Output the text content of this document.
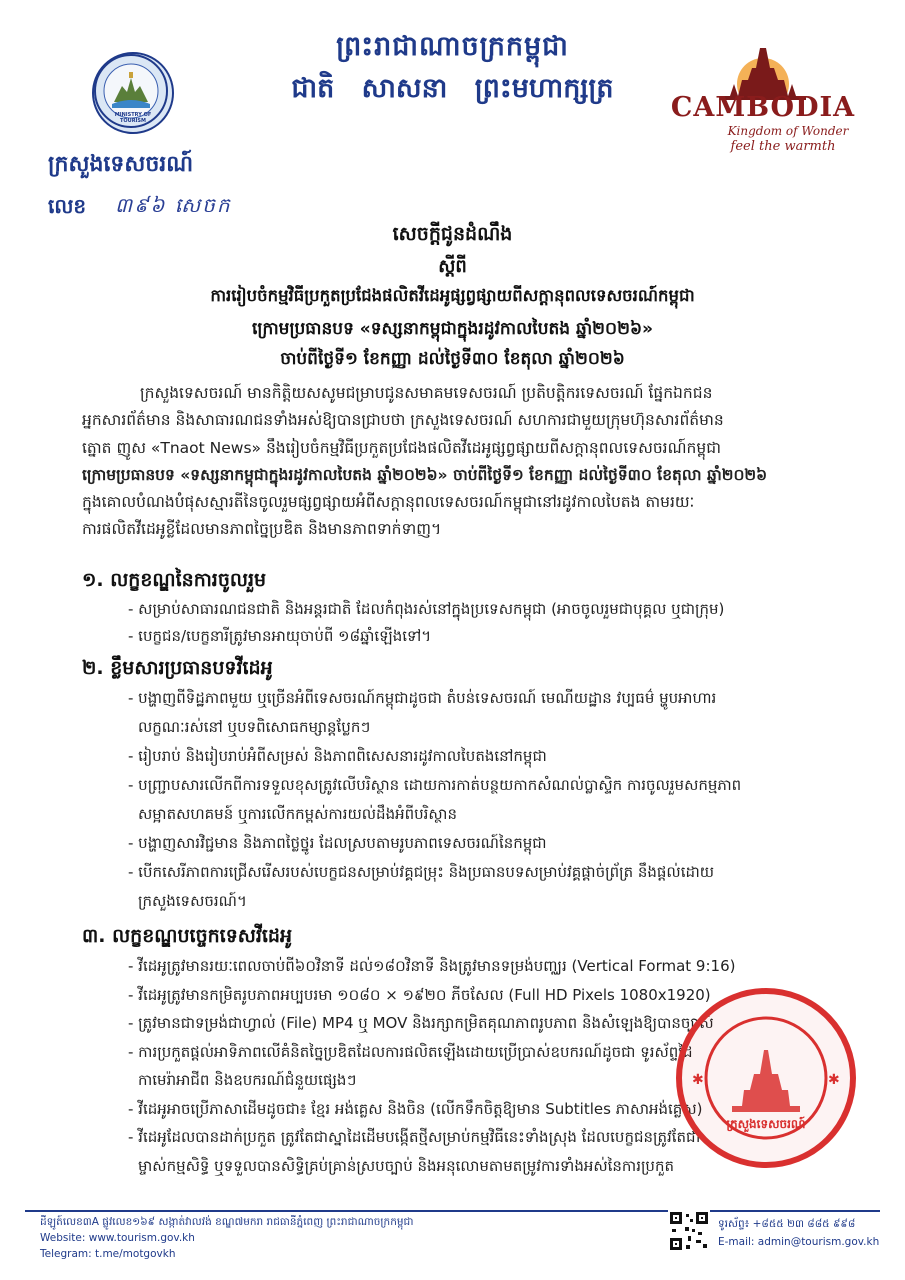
MINISTRY OF TOURISM
ព្រះរាជាណាចក្រកម្ពុជា
ជាតិ សាសនា ព្រះមហាក្សត្រ
CAMBODIA
Kingdom of Wonder
feel the warmth
ក្រសួងទេសចរណ៍
លេខ ៣៩៦ សេចក
សេចក្តីជូនដំណឹង
ស្តីពី
ការរៀបចំកម្មវិធីប្រកួតប្រជែងផលិតវីដេអូផ្សព្វផ្សាយពីសក្តានុពលទេសចរណ៍កម្ពុជា
ក្រោមប្រធានបទ «ទស្សនាកម្ពុជាក្នុងរដូវកាលបៃតង ឆ្នាំ២០២៦»
ចាប់ពីថ្ងៃទី១ ខែកញ្ញា ដល់ថ្ងៃទី៣០ ខែតុលា ឆ្នាំ២០២៦
ក្រសួងទេសចរណ៍ មានកិត្តិយសសូមជម្រាបជូនសមាគមទេសចរណ៍ ប្រតិបត្តិករទេសចរណ៍ ផ្នែកឯកជន
អ្នកសារព័ត៌មាន និងសាធារណជនទាំងអស់ឱ្យបានជ្រាបថា ក្រសួងទេសចរណ៍ សហការជាមួយក្រុមហ៊ុនសារព័ត៌មាន
ត្នោត ញូស «Tnaot News» នឹងរៀបចំកម្មវិធីប្រកួតប្រជែងផលិតវីដេអូផ្សព្វផ្សាយពីសក្តានុពលទេសចរណ៍កម្ពុជា
ក្រោមប្រធានបទ «ទស្សនាកម្ពុជាក្នុងរដូវកាលបៃតង ឆ្នាំ២០២៦» ចាប់ពីថ្ងៃទី១ ខែកញ្ញា ដល់ថ្ងៃទី៣០ ខែតុលា ឆ្នាំ២០២៦
ក្នុងគោលបំណងបំផុសស្មារតីនៃចូលរួមផ្សព្វផ្សាយអំពីសក្តានុពលទេសចរណ៍កម្ពុជានៅរដូវកាលបៃតង តាមរយៈ
ការផលិតវីដេអូខ្លីដែលមានភាពច្នៃប្រឌិត និងមានភាពទាក់ទាញ។
១. លក្ខខណ្ឌនៃការចូលរួម
- សម្រាប់សាធារណជនជាតិ និងអន្តរជាតិ ដែលកំពុងរស់នៅក្នុងប្រទេសកម្ពុជា (អាចចូលរួមជាបុគ្គល ឬជាក្រុម)
- បេក្ខជន/បេក្ខនារីត្រូវមានអាយុចាប់ពី ១៨ឆ្នាំឡើងទៅ។
២. ខ្លឹមសារប្រធានបទវីដេអូ
- បង្ហាញពីទិដ្ឋភាពមួយ ឬច្រើនអំពីទេសចរណ៍កម្ពុជាដូចជា តំបន់ទេសចរណ៍ មេណីយដ្ឋាន វប្បធម៌ ម្ហូបអាហារ
លក្ខណៈរស់នៅ ឬបទពិសោធកម្សាន្តប្លែកៗ
- រៀបរាប់ និងរៀបរាប់អំពីសម្រស់ និងភាពពិសេសនារដូវកាលបៃតងនៅកម្ពុជា
- បញ្ជ្រាបសារលើកពីការទទួលខុសត្រូវលើបរិស្ថាន ដោយការកាត់បន្ថយកាកសំណល់ប្លាស្ទិក ការចូលរួមសកម្មភាព
សម្អាតសហគមន៍ ឬការលើកកម្ពស់ការយល់ដឹងអំពីបរិស្ថាន
- បង្ហាញសារវិជ្ជមាន និងភាពថ្លៃថ្នូរ ដែលស្របតាមរូបភាពទេសចរណ៍នៃកម្ពុជា
- បើកសេរីភាពការជ្រើសរើសរបស់បេក្ខជនសម្រាប់វគ្គជម្រុះ និងប្រធានបទសម្រាប់វគ្គផ្តាច់ព្រ័ត្រ នឹងផ្តល់ដោយ
ក្រសួងទេសចរណ៍។
៣. លក្ខខណ្ឌបច្ចេកទេសវីដេអូ
- វីដេអូត្រូវមានរយៈពេលចាប់ពី៦០វិនាទី ដល់១៨០វិនាទី និងត្រូវមានទម្រង់បញ្ឈរ (Vertical Format 9:16)
- វីដេអូត្រូវមានកម្រិតរូបភាពអប្បបរមា ១០៨០ × ១៩២០ ភីចសែល (Full HD Pixels 1080x1920)
- ត្រូវមានជាទម្រង់ជាហ្វាល់ (File) MP4 ឬ MOV និងរក្សាកម្រិតគុណភាពរូបភាព និងសំឡេងឱ្យបានច្បាស់
- ការប្រកួតផ្តល់អាទិភាពលើគំនិតច្នៃប្រឌិតដែលការផលិតឡើងដោយប្រើប្រាស់ឧបករណ៍ដូចជា ទូរស័ព្ទដៃ
កាមេរ៉ាអាជីព និងឧបករណ៍ជំនួយផ្សេងៗ
- វីដេអូអាចប្រើភាសាដើមដូចជា៖ ខ្មែរ អង់គ្លេស និងចិន (លើកទឹកចិត្តឱ្យមាន Subtitles ភាសាអង់គ្លេស)
- វីដេអូដែលបានដាក់ប្រកួត ត្រូវតែជាស្នាដៃដើមបង្កើតថ្មីសម្រាប់កម្មវិធីនេះទាំងស្រុង ដែលបេក្ខជនត្រូវតែជា
ម្ចាស់កម្មសិទ្ធិ ឬទទួលបានសិទ្ធិគ្រប់គ្រាន់ស្របច្បាប់ និងអនុលោមតាមតម្រូវការទាំងអស់នៃការប្រកួត
✱	✱
ក្រសួងទេសចរណ៍
ដីឡូត៍លេខ៣A ផ្លូវលេខ១៦៩ សង្កាត់វាលវង់ ខណ្ឌ៧មករា រាជធានីភ្នំពេញ ព្រះរាជាណាចក្រកម្ពុជា
Website: www.tourism.gov.kh
Telegram: t.me/motgovkh
ទូរស័ព្ទ៖ +៨៥៥ ២៣ ៨៨៥ ៩៩៨
E-mail: admin@tourism.gov.kh
